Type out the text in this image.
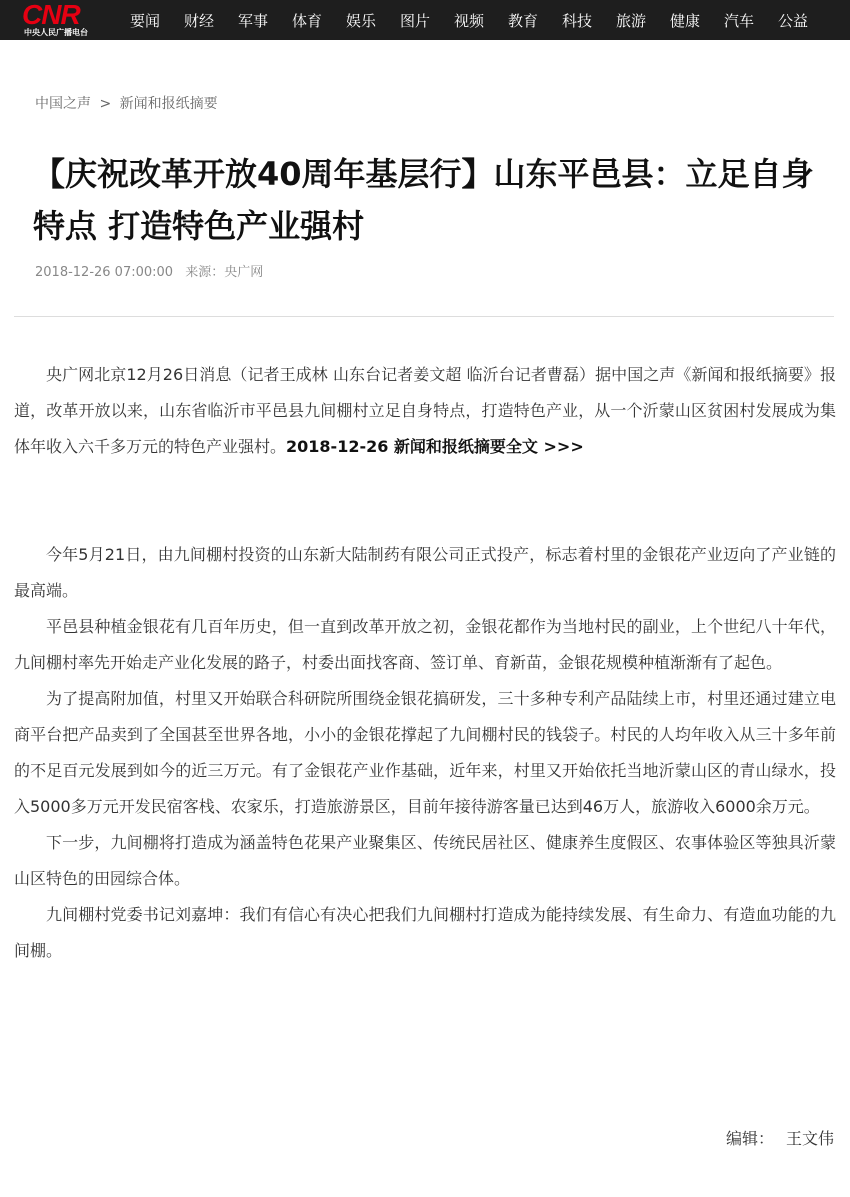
CNR
中央人民广播电台
要闻	财经	军事	体育	娱乐	图片	视频	教育	科技	旅游	健康	汽车	公益
中国之声 > 新闻和报纸摘要
【庆祝改革开放40周年基层行】山东平邑县：立足自身特点 打造特色产业强村
2018-12-26 07:00:00 来源：央广网

央广网北京12月26日消息（记者王成林 山东台记者姜文超 临沂台记者曹磊）据中国之声《新闻和报纸摘要》报道，改革开放以来，山东省临沂市平邑县九间棚村立足自身特点，打造特色产业，从一个沂蒙山区贫困村发展成为集体年收入六千多万元的特色产业强村。2018-12-26 新闻和报纸摘要全文 >>>

今年5月21日，由九间棚村投资的山东新大陆制药有限公司正式投产，标志着村里的金银花产业迈向了产业链的最高端。

平邑县种植金银花有几百年历史，但一直到改革开放之初，金银花都作为当地村民的副业，上个世纪八十年代，九间棚村率先开始走产业化发展的路子，村委出面找客商、签订单、育新苗，金银花规模种植渐渐有了起色。

为了提高附加值，村里又开始联合科研院所围绕金银花搞研发，三十多种专利产品陆续上市，村里还通过建立电商平台把产品卖到了全国甚至世界各地，小小的金银花撑起了九间棚村民的钱袋子。村民的人均年收入从三十多年前的不足百元发展到如今的近三万元。有了金银花产业作基础，近年来，村里又开始依托当地沂蒙山区的青山绿水，投入5000多万元开发民宿客栈、农家乐，打造旅游景区，目前年接待游客量已达到46万人，旅游收入6000余万元。

下一步，九间棚将打造成为涵盖特色花果产业聚集区、传统民居社区、健康养生度假区、农事体验区等独具沂蒙山区特色的田园综合体。

九间棚村党委书记刘嘉坤：我们有信心有决心把我们九间棚村打造成为能持续发展、有生命力、有造血功能的九间棚。

编辑： 王文伟
